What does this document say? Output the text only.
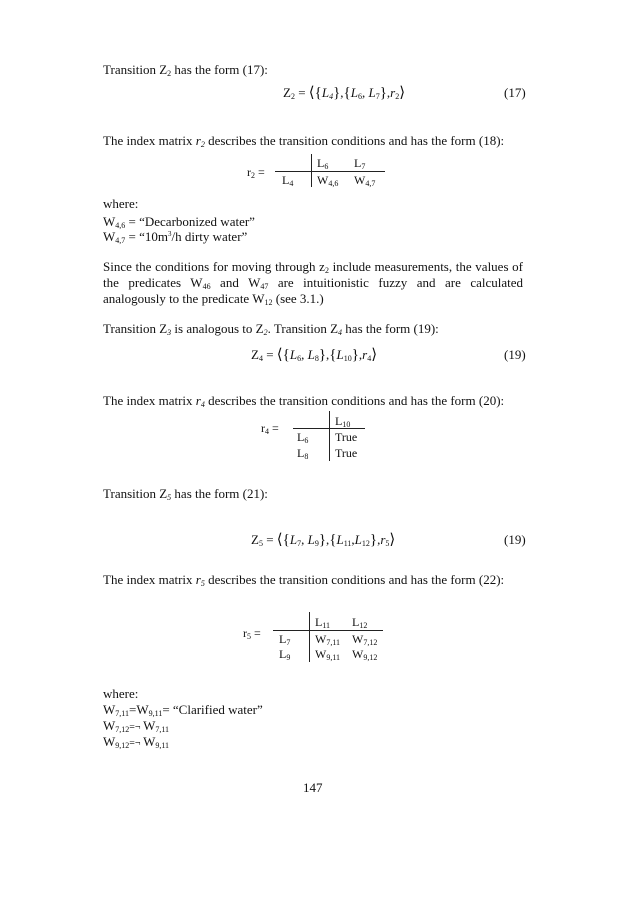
Transition $Z_2$ has the form (17):
$Z_2$ = $⟨\{L_4\},\{L_6$, $L_7\},r_2⟩$	(17)
The index matrix $r_2$ describes the transition conditions and has the form (18):
$r_2$ =
$L_6$ $L_7$
$L_4$ $W_{4,6}$ $W_{4,7}$
where:
$W_{4,6}$ = “Decarbonized water”
$W_{4,7}$ = “$10m^3/h$ dirty water”
Since the conditions for moving through $z_2$ include measurements, the values of the predicates $W_{46}$ and $W_{47}$ are intuitionistic fuzzy and are calculated analogously to the predicate $W_{12}$ (see 3.1.)
Transition $Z_3$ is analogous to $Z_2$. Transition $Z_4$ has the form (19):
$Z_4$ = $⟨\{L_6$, $L_8\},\{L_{10}\},r_4⟩$	(19)
The index matrix $r_4$ describes the transition conditions and has the form (20):
$r_4$ =	$L_{10}$
$L_6$ True
$L_8$ True
Transition $Z_5$ has the form (21):
$Z_5$ = $⟨\{L_7$, $L_9\},\{L_{11},L_{12}\},r_5⟩$	(19)
The index matrix $r_5$ describes the transition conditions and has the form (22):
$r_5$ =
$L_{11}$ $L_{12}$
$L_7$ $W_{7,11}$ $W_{7,12}$
$L_9$ $W_{9,11}$ $W_{9,12}$
where:
$W_{7,11}=W_{9,11}=$ “Clarified water”
$W_{7,12}=\neg$ $W_{7,11}$
$W_{9,12}=\neg$ $W_{9,11}$
147
